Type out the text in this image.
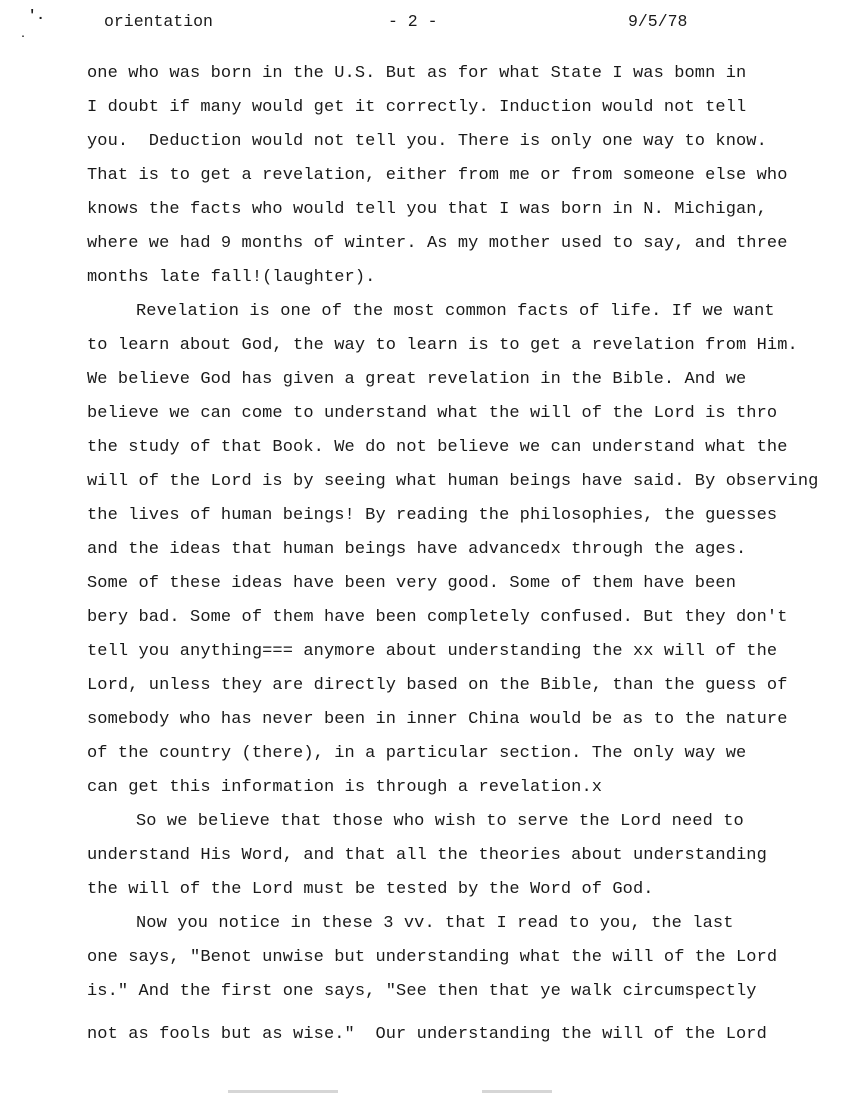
'.
.
orientation	- 2 -	9/5/78
one who was born in the U.S. But as for what State I was bomn in
I doubt if many would get it correctly. Induction would not tell
you.  Deduction would not tell you. There is only one way to know.
That is to get a revelation, either from me or from someone else who
knows the facts who would tell you that I was born in N. Michigan,
where we had 9 months of winter. As my mother used to say, and three
months late fall!(laughter).
Revelation is one of the most common facts of life. If we want
to learn about God, the way to learn is to get a revelation from Him.
We believe God has given a great revelation in the Bible. And we
believe we can come to understand what the will of the Lord is thro
the study of that Book. We do not believe we can understand what the
will of the Lord is by seeing what human beings have said. By observing
the lives of human beings! By reading the philosophies, the guesses
and the ideas that human beings have advancedx through the ages.
Some of these ideas have been very good. Some of them have been
bery bad. Some of them have been completely confused. But they don't
tell you anything=== anymore about understanding the xx will of the
Lord, unless they are directly based on the Bible, than the guess of
somebody who has never been in inner China would be as to the nature
of the country (there), in a particular section. The only way we
can get this information is through a revelation.x
So we believe that those who wish to serve the Lord need to
understand His Word, and that all the theories about understanding
the will of the Lord must be tested by the Word of God.
Now you notice in these 3 vv. that I read to you, the last
one says, "Benot unwise but understanding what the will of the Lord
is." And the first one says, "See then that ye walk circumspectly
not as fools but as wise."  Our understanding the will of the Lord
